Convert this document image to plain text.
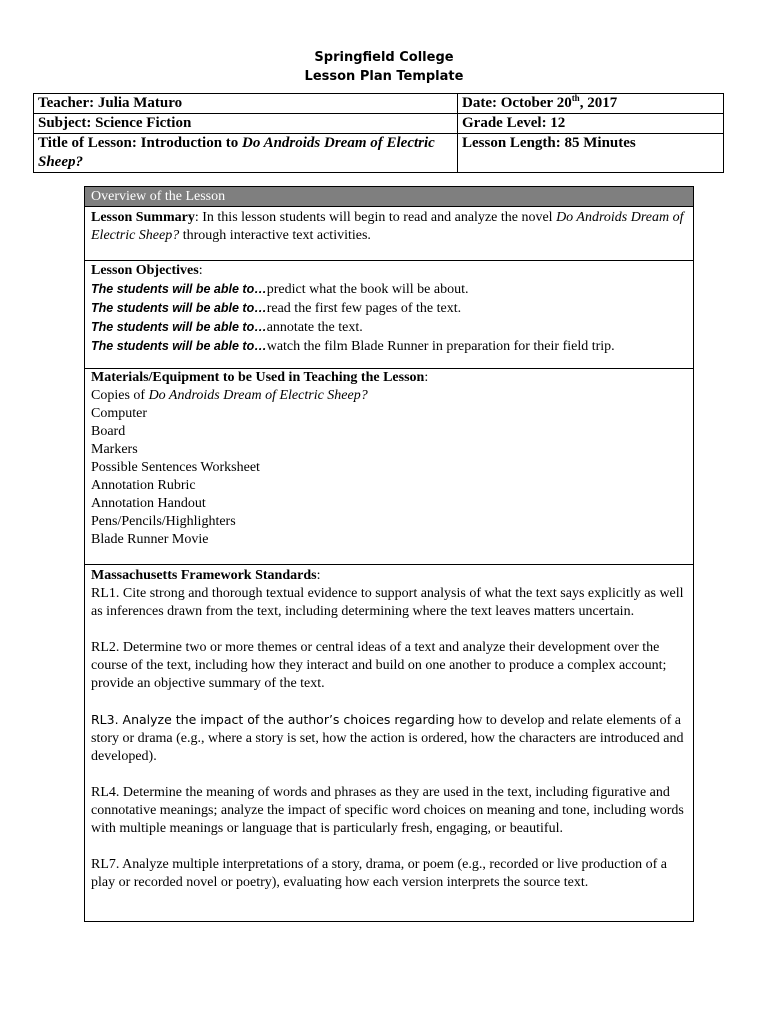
Springfield College
Lesson Plan Template
Teacher: Julia Maturo	Date: October 20th, 2017
Subject: Science Fiction	Grade Level: 12
Title of Lesson: Introduction to Do Androids Dream of Electric Sheep?	Lesson Length: 85 Minutes
Overview of the Lesson
Lesson Summary: In this lesson students will begin to read and analyze the novel Do Androids Dream of Electric Sheep? through interactive text activities.
Lesson Objectives:
The students will be able to…predict what the book will be about.
The students will be able to…read the first few pages of the text.
The students will be able to…annotate the text.
The students will be able to…watch the film Blade Runner in preparation for their field trip.
Materials/Equipment to be Used in Teaching the Lesson:
Copies of Do Androids Dream of Electric Sheep?
Computer
Board
Markers
Possible Sentences Worksheet
Annotation Rubric
Annotation Handout
Pens/Pencils/Highlighters
Blade Runner Movie
Massachusetts Framework Standards:

RL1. Cite strong and thorough textual evidence to support analysis of what the text says explicitly as well as inferences drawn from the text, including determining where the text leaves matters uncertain.

RL2. Determine two or more themes or central ideas of a text and analyze their development over the course of the text, including how they interact and build on one another to produce a complex account; provide an objective summary of the text.

RL3. Analyze the impact of the author’s choices regarding how to develop and relate elements of a story or drama (e.g., where a story is set, how the action is ordered, how the characters are introduced and developed).

RL4. Determine the meaning of words and phrases as they are used in the text, including figurative and connotative meanings; analyze the impact of specific word choices on meaning and tone, including words with multiple meanings or language that is particularly fresh, engaging, or beautiful.

RL7. Analyze multiple interpretations of a story, drama, or poem (e.g., recorded or live production of a play or recorded novel or poetry), evaluating how each version interprets the source text.
